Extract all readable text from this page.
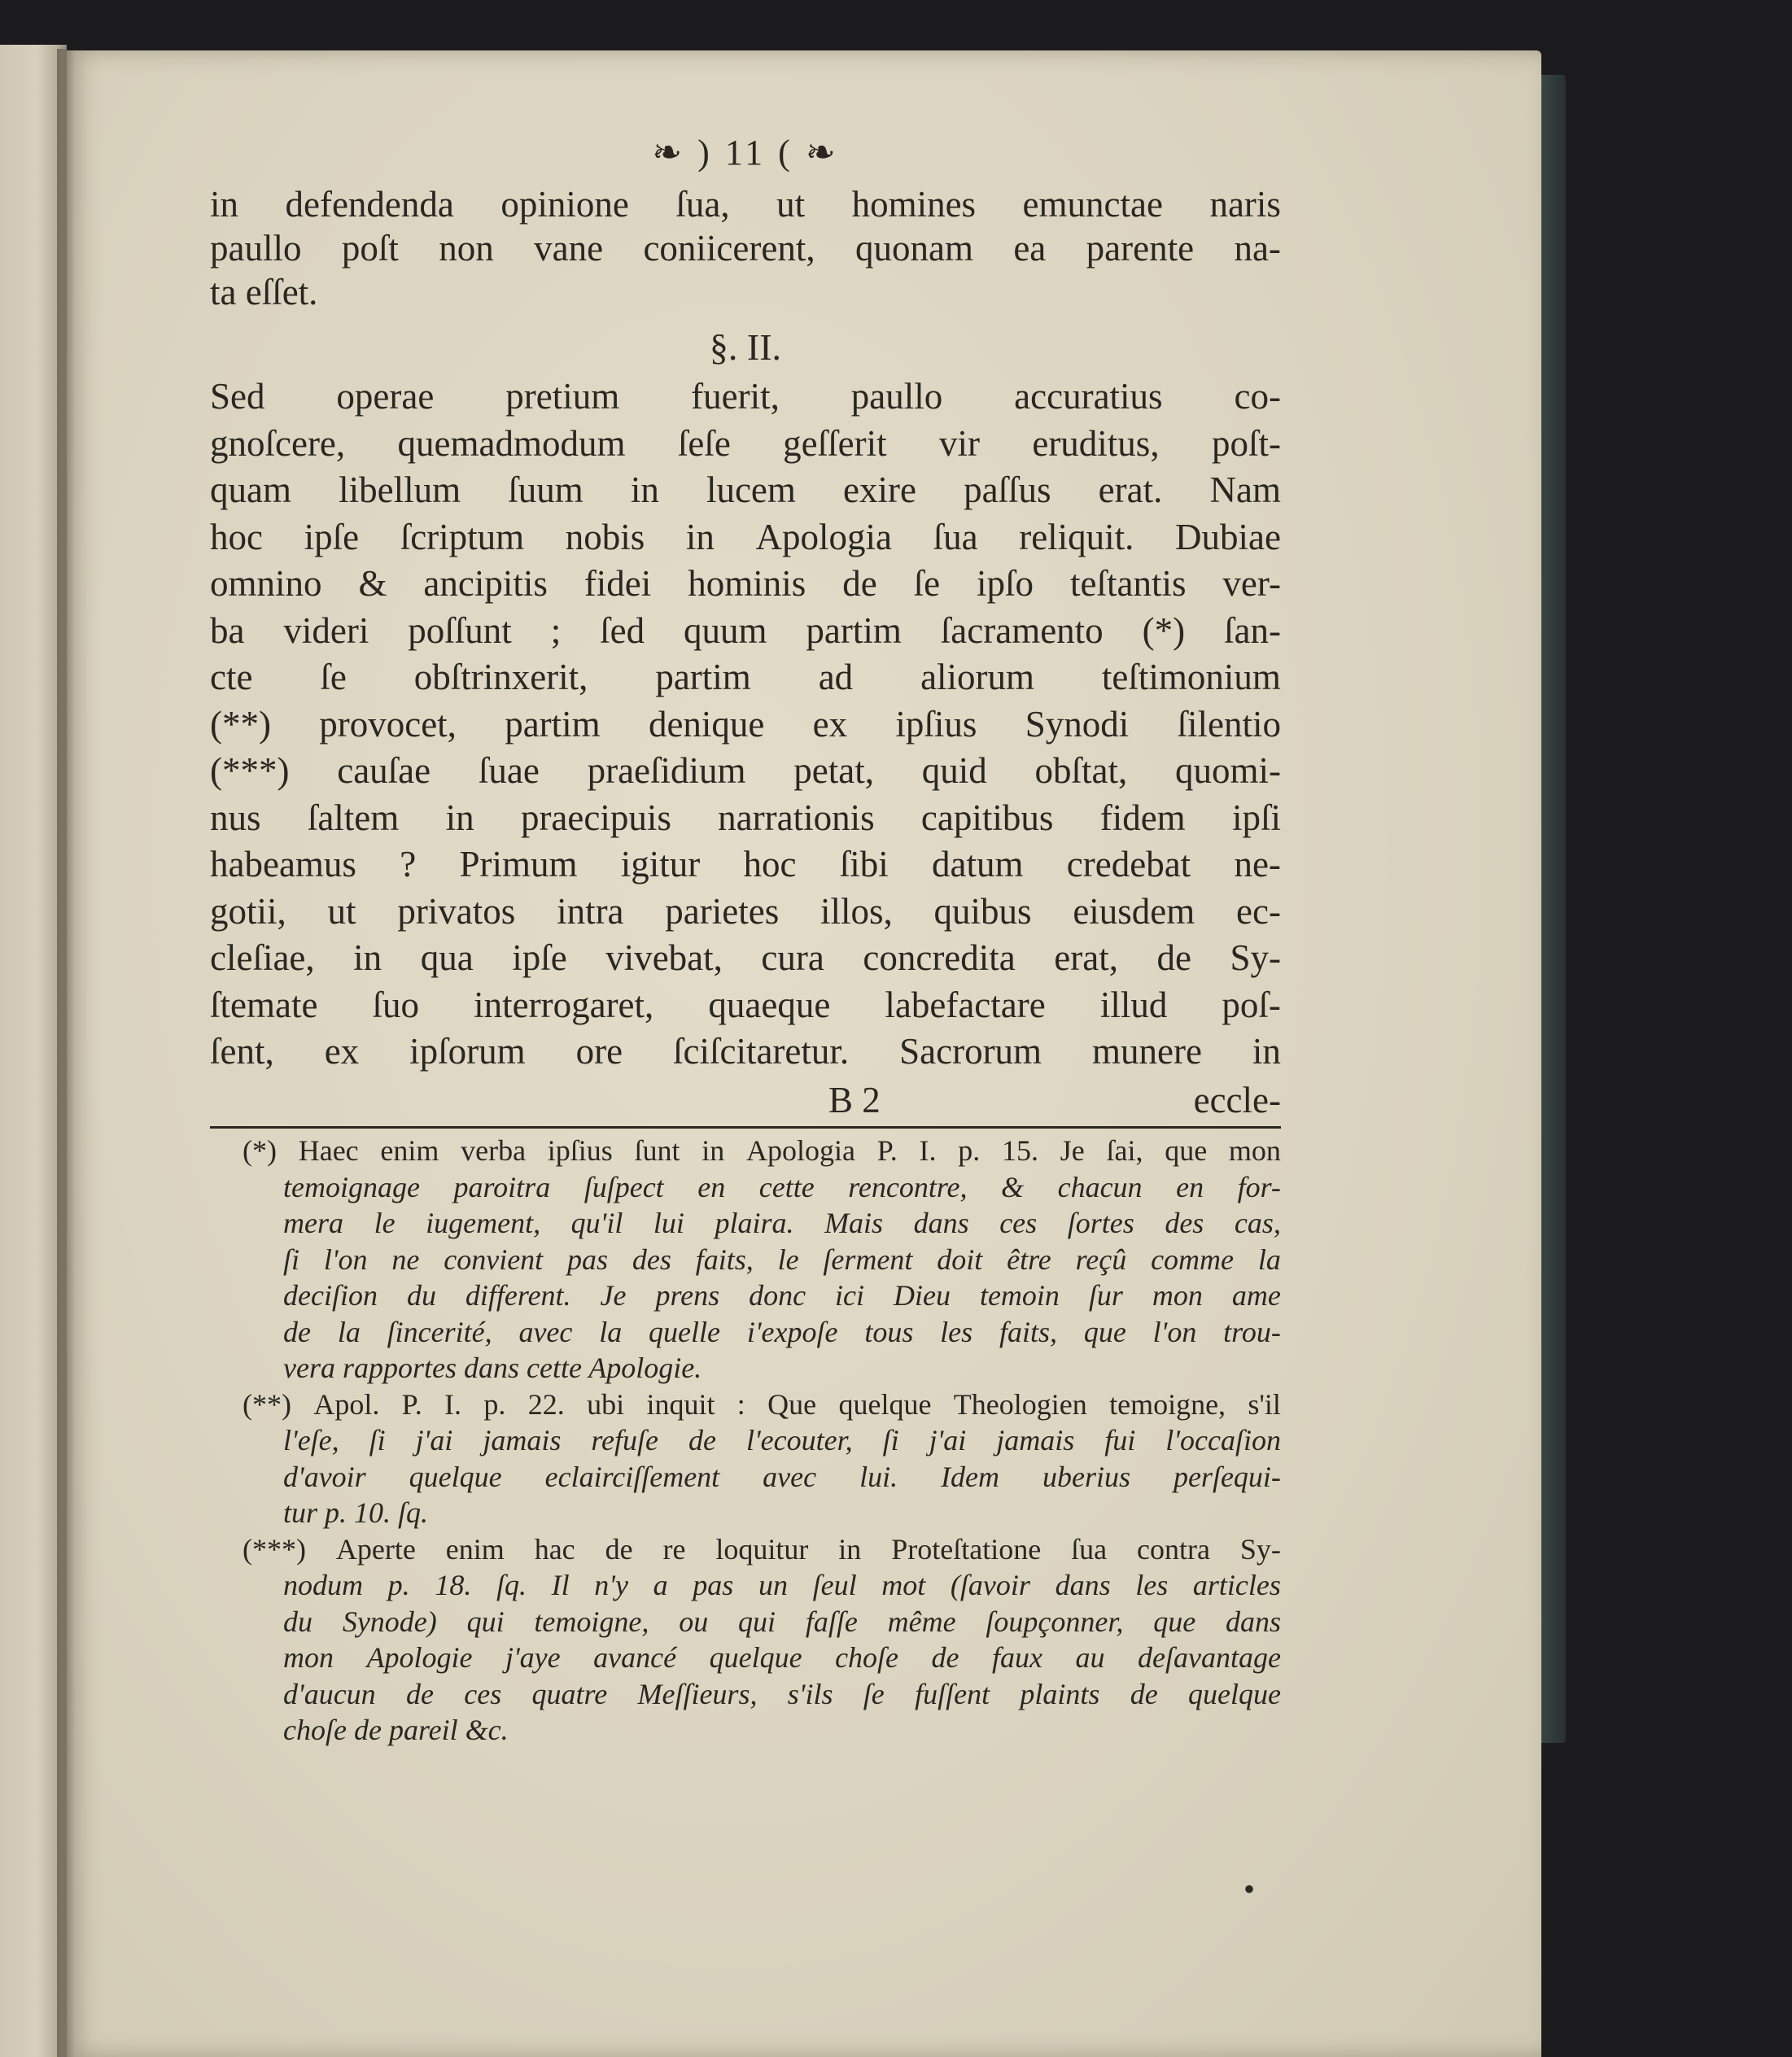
❧ ) 11 ( ❧
in defendenda opinione ſua, ut homines emunctae naris
paullo poſt non vane coniicerent, quonam ea parente na-
ta eſſet.
§. II.
Sed operae pretium fuerit, paullo accuratius co-
gnoſcere, quemadmodum ſeſe geſſerit vir eruditus, poſt-
quam libellum ſuum in lucem exire paſſus erat. Nam
hoc ipſe ſcriptum nobis in Apologia ſua reliquit. Dubiae
omnino & ancipitis fidei hominis de ſe ipſo teſtantis ver-
ba videri poſſunt ; ſed quum partim ſacramento (*) ſan-
cte ſe obſtrinxerit, partim ad aliorum teſtimonium
(**) provocet, partim denique ex ipſius Synodi ſilentio
(***) cauſae ſuae praeſidium petat, quid obſtat, quomi-
nus ſaltem in praecipuis narrationis capitibus fidem ipſi
habeamus ? Primum igitur hoc ſibi datum credebat ne-
gotii, ut privatos intra parietes illos, quibus eiusdem ec-
cleſiae, in qua ipſe vivebat, cura concredita erat, de Sy-
ſtemate ſuo interrogaret, quaeque labefactare illud poſ-
ſent, ex ipſorum ore ſciſcitaretur. Sacrorum munere in
B 2	eccle-
(*) Haec enim verba ipſius ſunt in Apologia P. I. p. 15. Je ſai, que mon
temoignage paroitra ſuſpect en cette rencontre, & chacun en for-
mera le iugement, qu'il lui plaira. Mais dans ces ſortes des cas,
ſi l'on ne convient pas des faits, le ſerment doit être reçû comme la
deciſion du different. Je prens donc ici Dieu temoin ſur mon ame
de la ſincerité, avec la quelle i'expoſe tous les faits, que l'on trou-
vera rapportes dans cette Apologie.
(**) Apol. P. I. p. 22. ubi inquit : Que quelque Theologien temoigne, s'il
l'eſe, ſi j'ai jamais refuſe de l'ecouter, ſi j'ai jamais fui l'occaſion
d'avoir quelque eclairciſſement avec lui. Idem uberius perſequi-
tur p. 10. ſq.
(***) Aperte enim hac de re loquitur in Proteſtatione ſua contra Sy-
nodum p. 18. ſq. Il n'y a pas un ſeul mot (ſavoir dans les articles
du Synode) qui temoigne, ou qui faſſe même ſoupçonner, que dans
mon Apologie j'aye avancé quelque choſe de faux au deſavantage
d'aucun de ces quatre Meſſieurs, s'ils ſe fuſſent plaints de quelque
choſe de pareil &c.
•
